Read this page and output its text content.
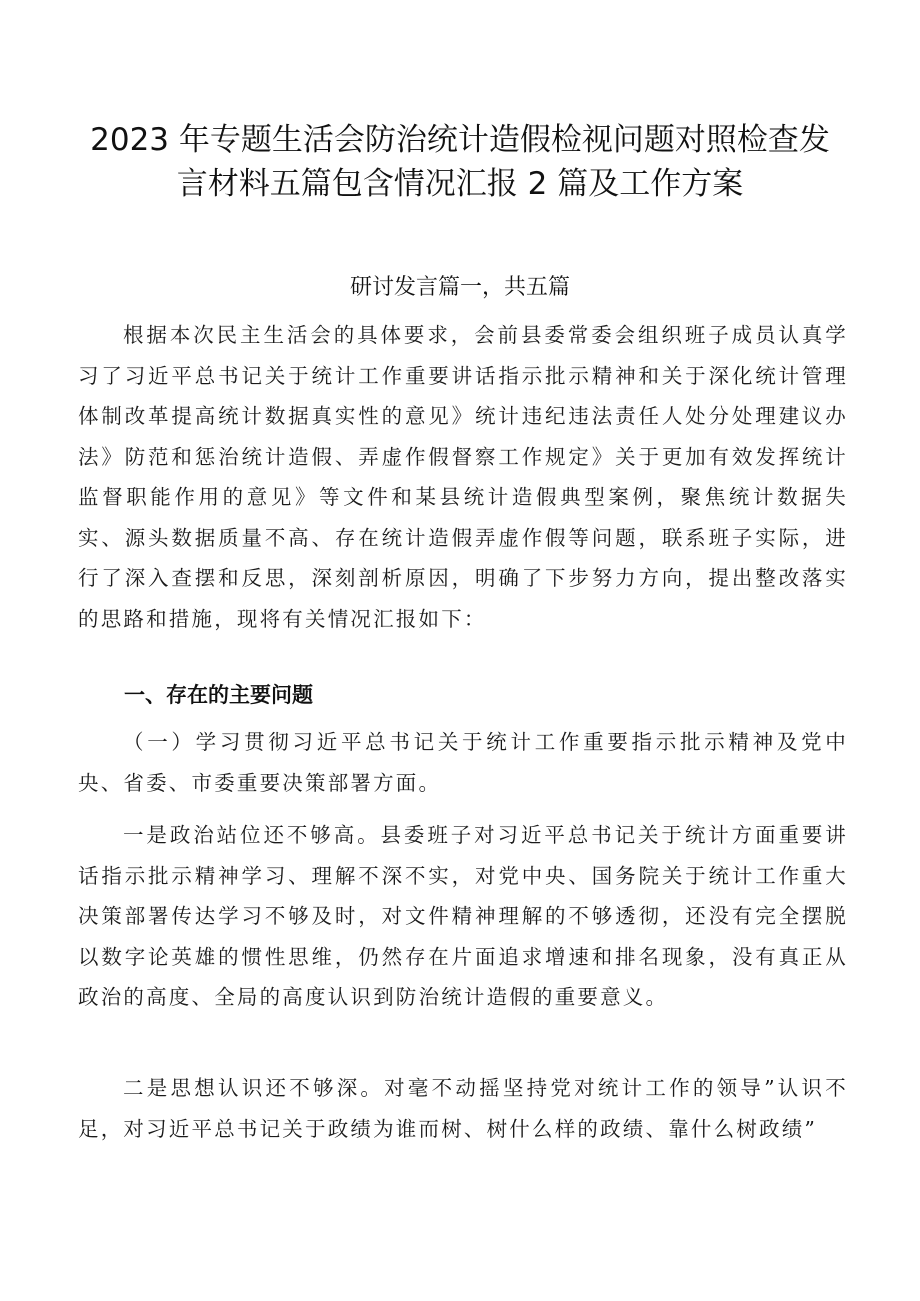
2023 年专题生活会防治统计造假检视问题对照检查发
言材料五篇包含情况汇报 2 篇及工作方案
研讨发言篇一，共五篇

根据本次民主生活会的具体要求，会前县委常委会组织班子成员认真学习了习近平总书记关于统计工作重要讲话指示批示精神和关于深化统计管理体制改革提高统计数据真实性的意见》统计违纪违法责任人处分处理建议办法》防范和惩治统计造假、弄虚作假督察工作规定》关于更加有效发挥统计监督职能作用的意见》等文件和某县统计造假典型案例，聚焦统计数据失实、源头数据质量不高、存在统计造假弄虚作假等问题，联系班子实际，进行了深入查摆和反思，深刻剖析原因，明确了下步努力方向，提出整改落实的思路和措施，现将有关情况汇报如下：

一、存在的主要问题

（一）学习贯彻习近平总书记关于统计工作重要指示批示精神及党中央、省委、市委重要决策部署方面。

一是政治站位还不够高。县委班子对习近平总书记关于统计方面重要讲话指示批示精神学习、理解不深不实，对党中央、国务院关于统计工作重大决策部署传达学习不够及时，对文件精神理解的不够透彻，还没有完全摆脱以数字论英雄的惯性思维，仍然存在片面追求增速和排名现象，没有真正从政治的高度、全局的高度认识到防治统计造假的重要意义。

二是思想认识还不够深。对毫不动摇坚持党对统计工作的领导”认识不足，对习近平总书记关于政绩为谁而树、树什么样的政绩、靠什么树政绩”
